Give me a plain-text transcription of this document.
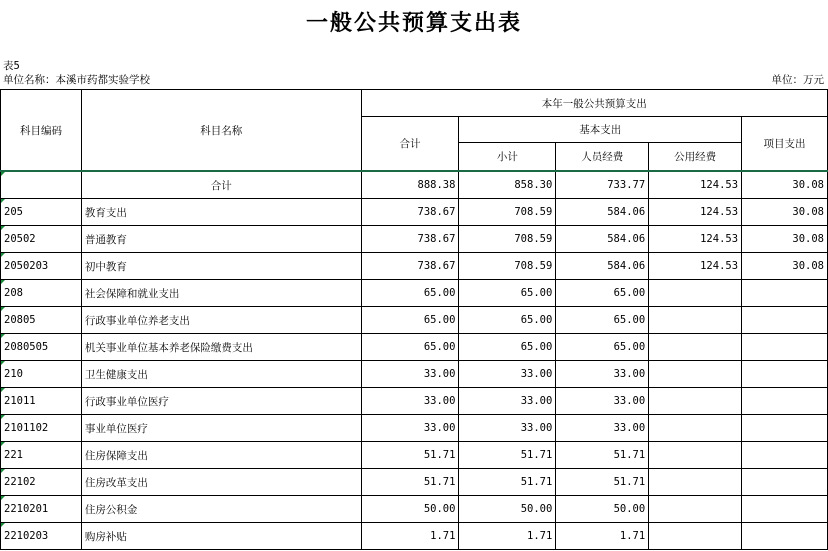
一般公共预算支出表
表5
单位名称：本溪市药都实验学校	单位：万元
科目编码	科目名称	本年一般公共预算支出				
		合计	基本支出			项目支出
			小计	人员经费	公用经费	

	合计	888.38	858.30	733.77	124.53	30.08

205	教育支出	738.67	708.59	584.06	124.53	30.08

20502	普通教育	738.67	708.59	584.06	124.53	30.08

2050203	初中教育	738.67	708.59	584.06	124.53	30.08

208	社会保障和就业支出	65.00	65.00	65.00		

20805	行政事业单位养老支出	65.00	65.00	65.00		

2080505	机关事业单位基本养老保险缴费支出	65.00	65.00	65.00		

210	卫生健康支出	33.00	33.00	33.00		

21011	行政事业单位医疗	33.00	33.00	33.00		

2101102	事业单位医疗	33.00	33.00	33.00		

221	住房保障支出	51.71	51.71	51.71		

22102	住房改革支出	51.71	51.71	51.71		

2210201	住房公积金	50.00	50.00	50.00		

2210203	购房补贴	1.71	1.71	1.71		
